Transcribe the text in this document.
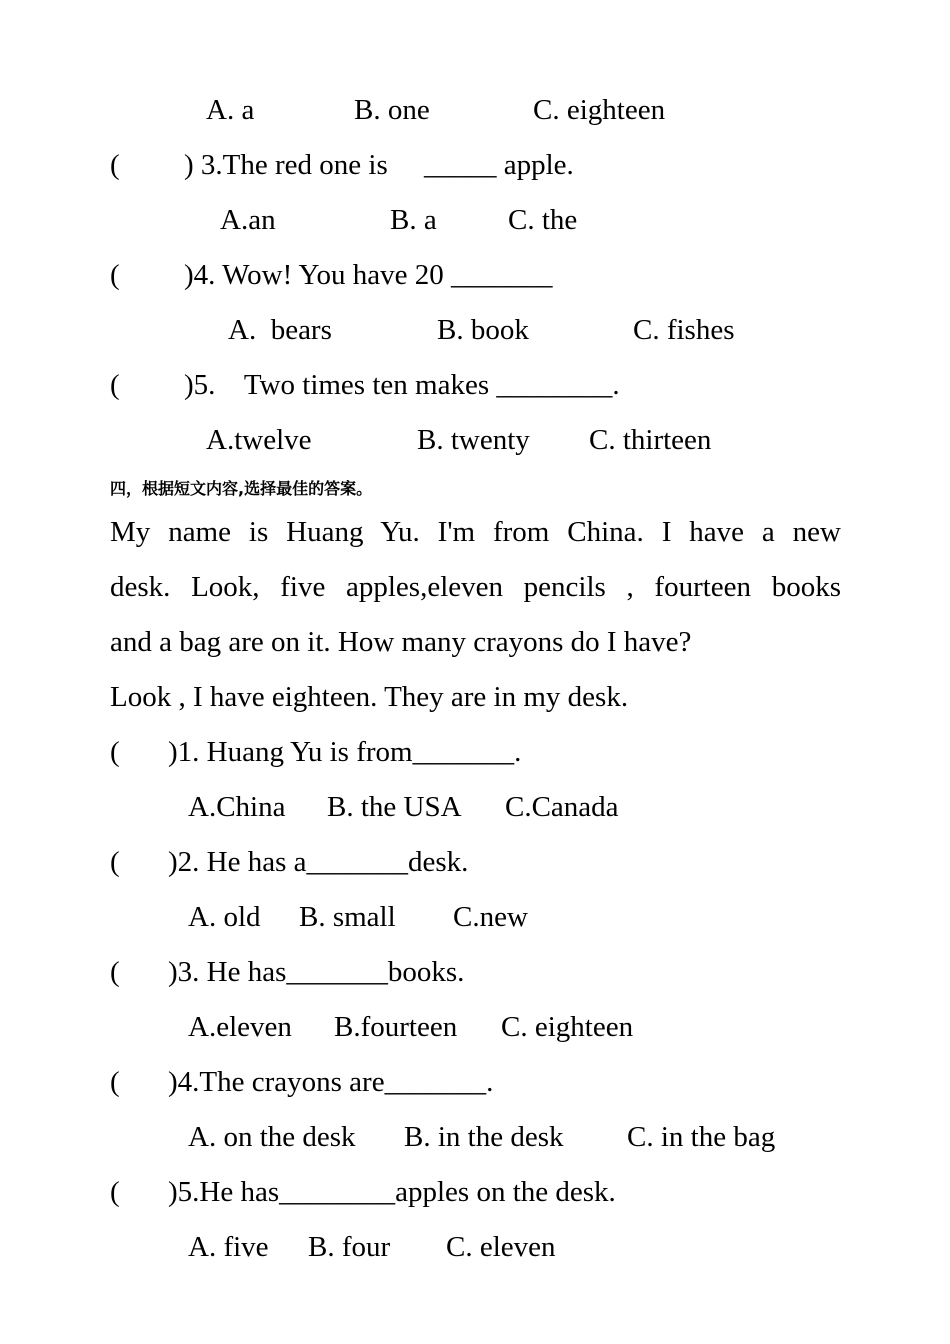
A. a	B. one	C. eighteen
( ) 3.The red one is     _____ apple.
A.an	B. a C. the
( )4. Wow! You have 20 _______
A.  bears	B. book	C. fishes
( )5.    Two times ten makes ________.
A.twelve	B. twenty C. thirteen
四，根据短文内容,选择最佳的答案。
My name is Huang Yu. I'm from China. I have a new
desk. Look, five apples,eleven pencils , fourteen books
and a bag are on it. How many crayons do I have?
Look , I have eighteen. They are in my desk.
( )1. Huang Yu is from_______.
A.China B. the USA C.Canada
( )2. He has a_______desk.
A. old B. small C.new
( )3. He has_______books.
A.eleven B.fourteen C. eighteen
( )4.The crayons are_______.
A. on the desk B. in the desk C. in the bag
( )5.He has________apples on the desk.
A. five B. four C. eleven
